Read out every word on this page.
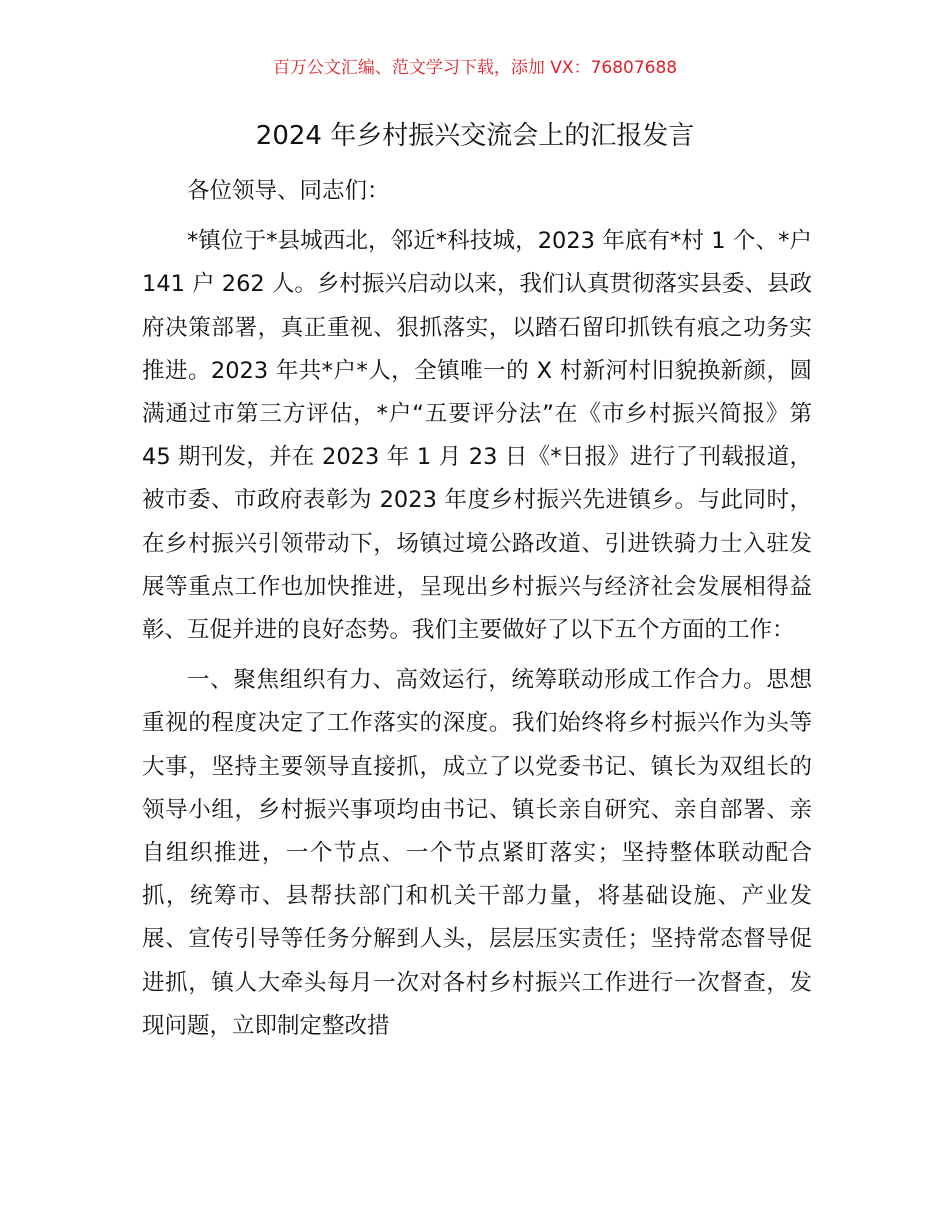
百万公文汇编、范文学习下载，添加 VX：76807688
2024 年乡村振兴交流会上的汇报发言

各位领导、同志们：

*镇位于*县城西北，邻近*科技城，2023 年底有*村 1 个、*户 141 户 262 人。乡村振兴启动以来，我们认真贯彻落实县委、县政府决策部署，真正重视、狠抓落实，以踏石留印抓铁有痕之功务实推进。2023 年共*户*人，全镇唯一的 X 村新河村旧貌换新颜，圆满通过市第三方评估，*户“五要评分法”在《市乡村振兴简报》第 45 期刊发，并在 2023 年 1 月 23 日《*日报》进行了刊载报道，被市委、市政府表彰为 2023 年度乡村振兴先进镇乡。与此同时，在乡村振兴引领带动下，场镇过境公路改道、引进铁骑力士入驻发展等重点工作也加快推进，呈现出乡村振兴与经济社会发展相得益彰、互促并进的良好态势。我们主要做好了以下五个方面的工作：

一、聚焦组织有力、高效运行，统筹联动形成工作合力。思想重视的程度决定了工作落实的深度。我们始终将乡村振兴作为头等大事，坚持主要领导直接抓，成立了以党委书记、镇长为双组长的领导小组，乡村振兴事项均由书记、镇长亲自研究、亲自部署、亲自组织推进，一个节点、一个节点紧盯落实；坚持整体联动配合抓，统筹市、县帮扶部门和机关干部力量，将基础设施、产业发展、宣传引导等任务分解到人头，层层压实责任；坚持常态督导促进抓，镇人大牵头每月一次对各村乡村振兴工作进行一次督查，发现问题，立即制定整改措
